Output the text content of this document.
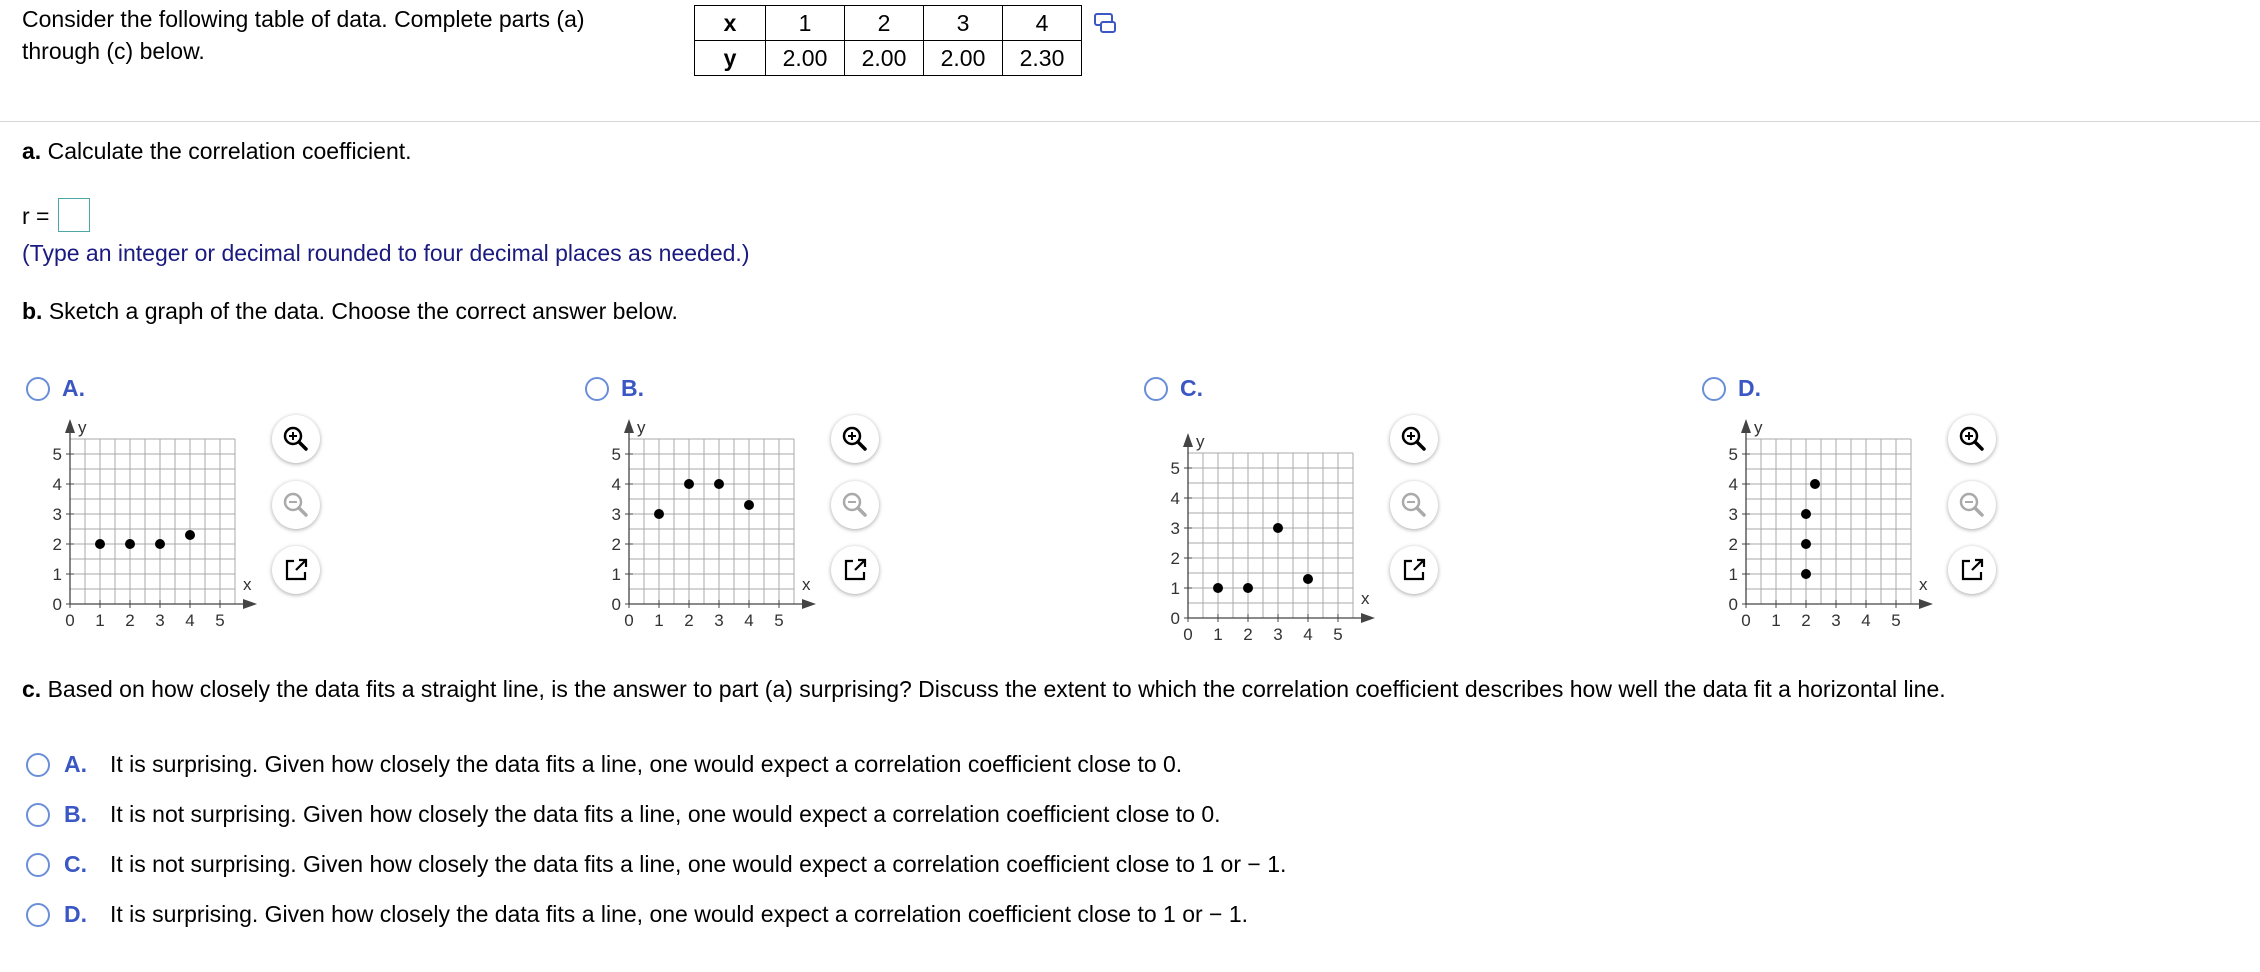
Consider the following table of data. Complete parts (a)
through (c) below.
x	1	2	3	4
y	2.00	2.00	2.00	2.30
a. Calculate the correlation coefficient.
r =
(Type an integer or decimal rounded to four decimal places as needed.)
b. Sketch a graph of the data. Choose the correct answer below.
A.
y
x
0 1 2 3 4 5
0
1
2
3
4
5
B.
y
x
0 1 2 3 4 5
0
1
2
3
4
5
C.
y
x
0 1 2 3 4 5
0
1
2
3
4
5
D.
y
x
0 1 2 3 4 5
0
1
2
3
4
5
c. Based on how closely the data fits a straight line, is the answer to part (a) surprising? Discuss the extent to which the correlation coefficient describes how well the data fit a horizontal line.
A. It is surprising. Given how closely the data fits a line, one would expect a correlation coefficient close to 0.
B. It is not surprising. Given how closely the data fits a line, one would expect a correlation coefficient close to 0.
C. It is not surprising. Given how closely the data fits a line, one would expect a correlation coefficient close to 1 or − 1.
D. It is surprising. Given how closely the data fits a line, one would expect a correlation coefficient close to 1 or − 1.
